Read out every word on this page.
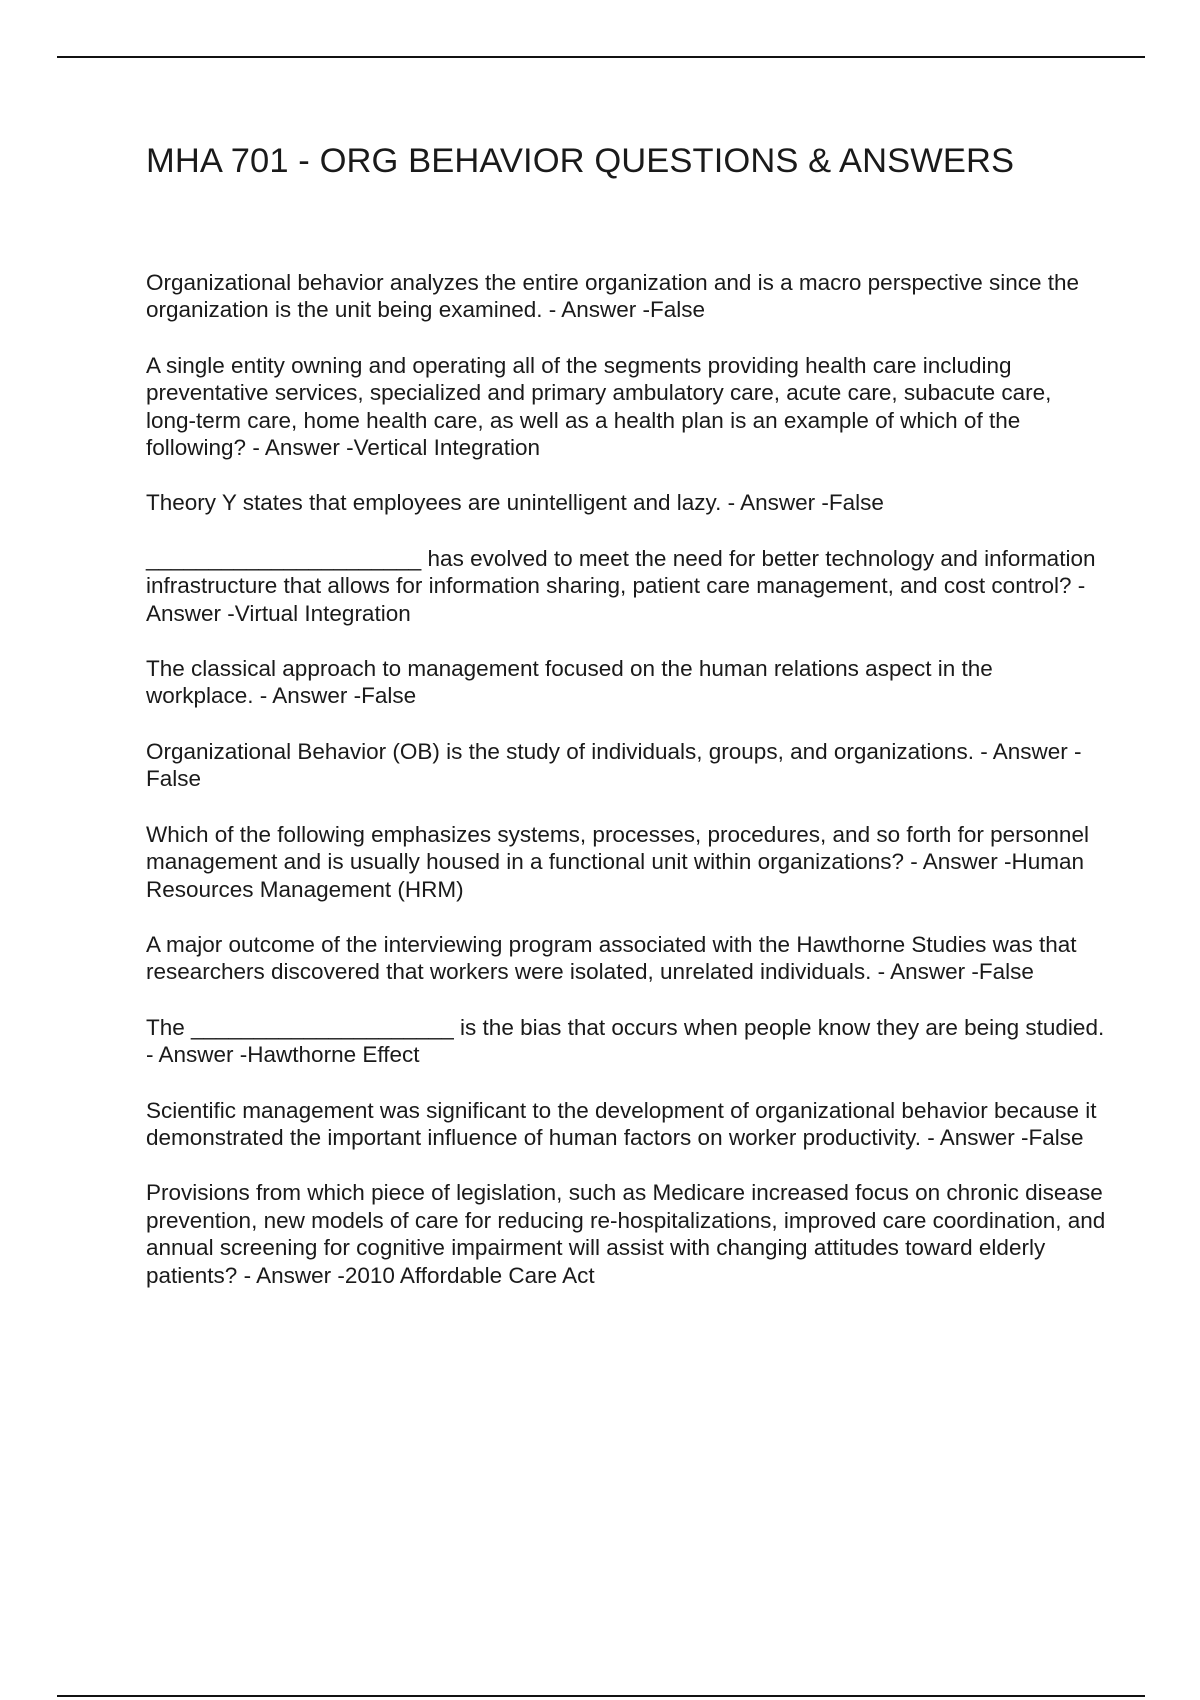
MHA 701 - ORG BEHAVIOR QUESTIONS & ANSWERS
Organizational behavior analyzes the entire organization and is a macro perspective since the organization is the unit being examined. - Answer -False
A single entity owning and operating all of the segments providing health care including preventative services, specialized and primary ambulatory care, acute care, subacute care, long-term care, home health care, as well as a health plan is an example of which of the following? - Answer -Vertical Integration
Theory Y states that employees are unintelligent and lazy. - Answer -False
______________________ has evolved to meet the need for better technology and information infrastructure that allows for information sharing, patient care management, and cost control? - Answer -Virtual Integration
The classical approach to management focused on the human relations aspect in the workplace. - Answer -False
Organizational Behavior (OB) is the study of individuals, groups, and organizations. - Answer -False
Which of the following emphasizes systems, processes, procedures, and so forth for personnel management and is usually housed in a functional unit within organizations? - Answer -Human Resources Management (HRM)
A major outcome of the interviewing program associated with the Hawthorne Studies was that researchers discovered that workers were isolated, unrelated individuals. - Answer -False
The _____________________ is the bias that occurs when people know they are being studied. - Answer -Hawthorne Effect
Scientific management was significant to the development of organizational behavior because it demonstrated the important influence of human factors on worker productivity. - Answer -False
Provisions from which piece of legislation, such as Medicare increased focus on chronic disease prevention, new models of care for reducing re-hospitalizations, improved care coordination, and annual screening for cognitive impairment will assist with changing attitudes toward elderly patients? - Answer -2010 Affordable Care Act
